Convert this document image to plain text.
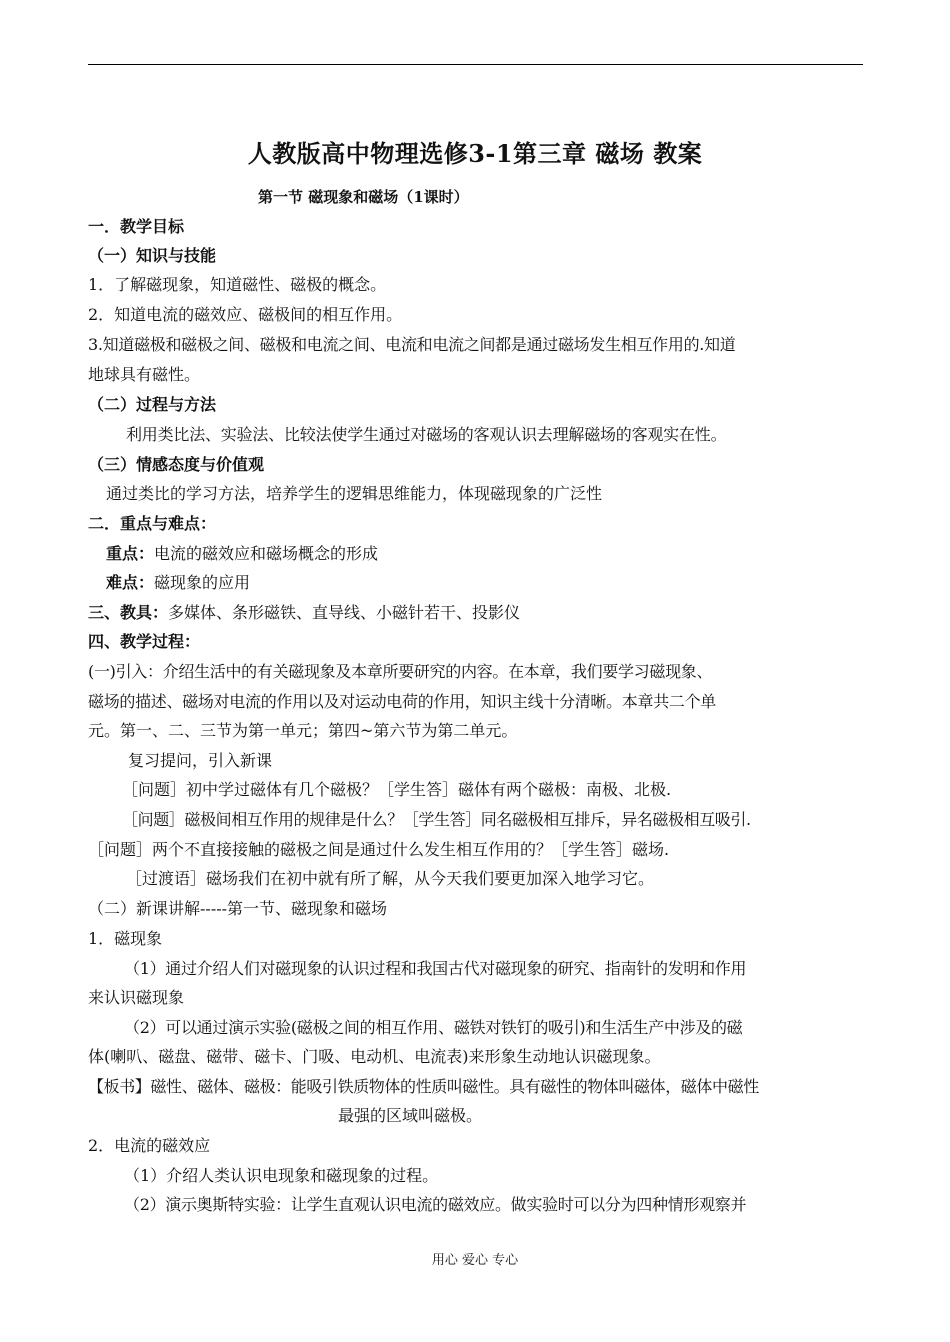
人教版高中物理选修3-1第三章 磁场 教案
第一节 磁现象和磁场（1课时）
一．教学目标
（一）知识与技能
1．了解磁现象，知道磁性、磁极的概念。
2．知道电流的磁效应、磁极间的相互作用。
3.知道磁极和磁极之间、磁极和电流之间、电流和电流之间都是通过磁场发生相互作用的.知道
地球具有磁性。
（二）过程与方法
利用类比法、实验法、比较法使学生通过对磁场的客观认识去理解磁场的客观实在性。
（三）情感态度与价值观
通过类比的学习方法，培养学生的逻辑思维能力，体现磁现象的广泛性
二．重点与难点：
重点：电流的磁效应和磁场概念的形成
难点：磁现象的应用
三、教具：多媒体、条形磁铁、直导线、小磁针若干、投影仪
四、教学过程：
(一)引入：介绍生活中的有关磁现象及本章所要研究的内容。在本章，我们要学习磁现象、
磁场的描述、磁场对电流的作用以及对运动电荷的作用，知识主线十分清晰。本章共二个单
元。第一、二、三节为第一单元；第四~第六节为第二单元。
复习提问，引入新课
［问题］初中学过磁体有几个磁极？［学生答］磁体有两个磁极：南极、北极.
［问题］磁极间相互作用的规律是什么？［学生答］同名磁极相互排斥，异名磁极相互吸引.
［问题］两个不直接接触的磁极之间是通过什么发生相互作用的？［学生答］磁场.
［过渡语］磁场我们在初中就有所了解，从今天我们要更加深入地学习它。
（二）新课讲解-----第一节、磁现象和磁场
1．磁现象
（1）通过介绍人们对磁现象的认识过程和我国古代对磁现象的研究、指南针的发明和作用
来认识磁现象
（2）可以通过演示实验(磁极之间的相互作用、磁铁对铁钉的吸引)和生活生产中涉及的磁
体(喇叭、磁盘、磁带、磁卡、门吸、电动机、电流表)来形象生动地认识磁现象。
【板书】磁性、磁体、磁极：能吸引铁质物体的性质叫磁性。具有磁性的物体叫磁体，磁体中磁性
最强的区域叫磁极。
2．电流的磁效应
（1）介绍人类认识电现象和磁现象的过程。
（2）演示奥斯特实验：让学生直观认识电流的磁效应。做实验时可以分为四种情形观察并
用心 爱心 专心
